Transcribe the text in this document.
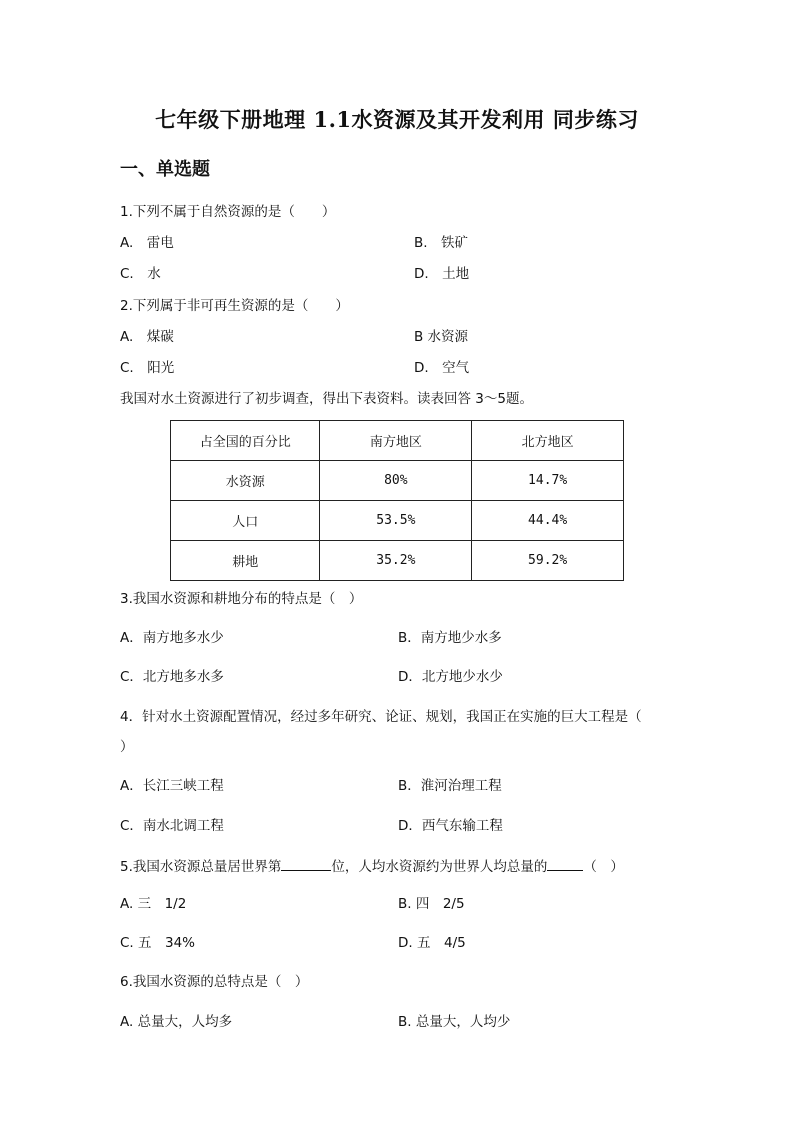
七年级下册地理 1.1水资源及其开发利用 同步练习
一、单选题
1.下列不属于自然资源的是（　　）
A.　雷电	B.　铁矿
C.　水	D.　土地
2.下列属于非可再生资源的是（　　）
A.　煤碳	B 水资源
C.　阳光	D.　空气
我国对水土资源进行了初步调查，得出下表资料。读表回答 3～5题。
占全国的百分比	南方地区	北方地区
水资源	80%	14.7%
人口	53.5%	44.4%
耕地	35.2%	59.2%
3.我国水资源和耕地分布的特点是（　）
A．南方地多水少	B．南方地少水多
C．北方地多水多	D．北方地少水少
4．针对水土资源配置情况，经过多年研究、论证、规划，我国正在实施的巨大工程是（
）
A．长江三峡工程	B．淮河治理工程
C．南水北调工程	D．西气东输工程
5.我国水资源总量居世界第	位，人均水资源约为世界人均总量的	（　）
A. 三　1/2	B. 四　2/5
C. 五　34%	D. 五　4/5
6.我国水资源的总特点是（　）
A. 总量大，人均多	B. 总量大，人均少
